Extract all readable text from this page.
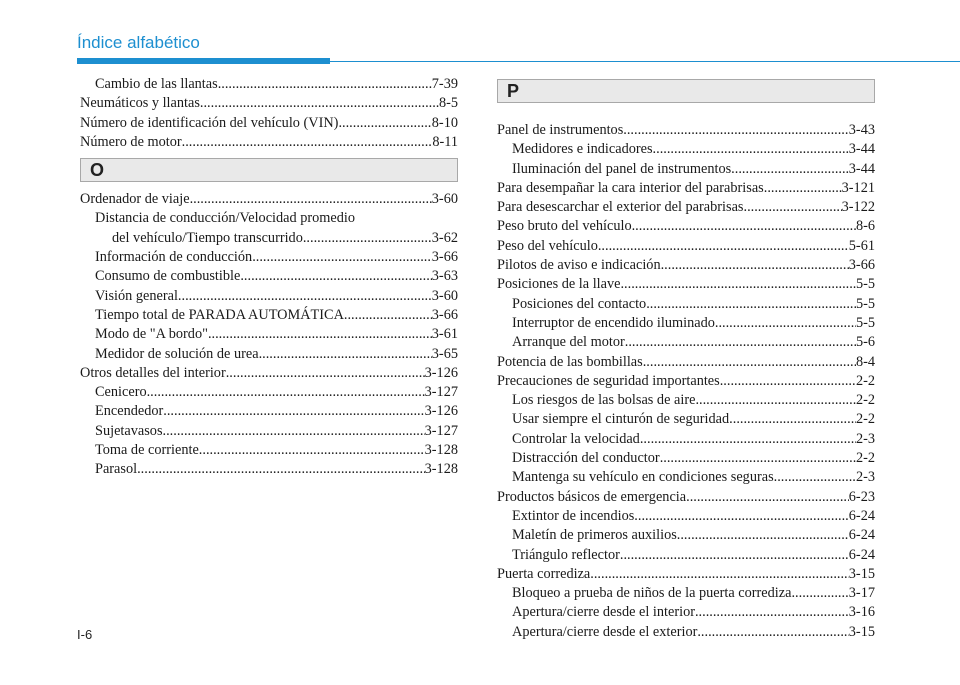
Índice alfabético
Cambio de las llantas .....	7-39
Neumáticos y llantas .....	8-5
Número de identificación del vehículo (VIN) .....	8-10
Número de motor .....	8-11
O
Ordenador de viaje .....	3-60
Distancia de conducción/Velocidad promedio
del vehículo/Tiempo transcurrido .....	3-62
Información de conducción .....	3-66
Consumo de combustible .....	3-63
Visión general .....	3-60
Tiempo total de PARADA AUTOMÁTICA .....	3-66
Modo de "A bordo" .....	3-61
Medidor de solución de urea .....	3-65
Otros detalles del interior .....	3-126
Cenicero .....	3-127
Encendedor .....	3-126
Sujetavasos .....	3-127
Toma de corriente .....	3-128
Parasol .....	3-128
P
Panel de instrumentos .....	3-43
Medidores e indicadores .....	3-44
Iluminación del panel de instrumentos .....	3-44
Para desempañar la cara interior del parabrisas .....	3-121
Para desescarchar el exterior del parabrisas .....	3-122
Peso bruto del vehículo .....	8-6
Peso del vehículo .....	5-61
Pilotos de aviso e indicación .....	3-66
Posiciones de la llave .....	5-5
Posiciones del contacto .....	5-5
Interruptor de encendido iluminado .....	5-5
Arranque del motor .....	5-6
Potencia de las bombillas .....	8-4
Precauciones de seguridad importantes .....	2-2
Los riesgos de las bolsas de aire .....	2-2
Usar siempre el cinturón de seguridad .....	2-2
Controlar la velocidad .....	2-3
Distracción del conductor .....	2-2
Mantenga su vehículo en condiciones seguras .....	2-3
Productos básicos de emergencia .....	6-23
Extintor de incendios .....	6-24
Maletín de primeros auxilios .....	6-24
Triángulo reflector .....	6-24
Puerta corrediza .....	3-15
Bloqueo a prueba de niños de la puerta corrediza .....	3-17
Apertura/cierre desde el interior .....	3-16
Apertura/cierre desde el exterior .....	3-15
I-6
